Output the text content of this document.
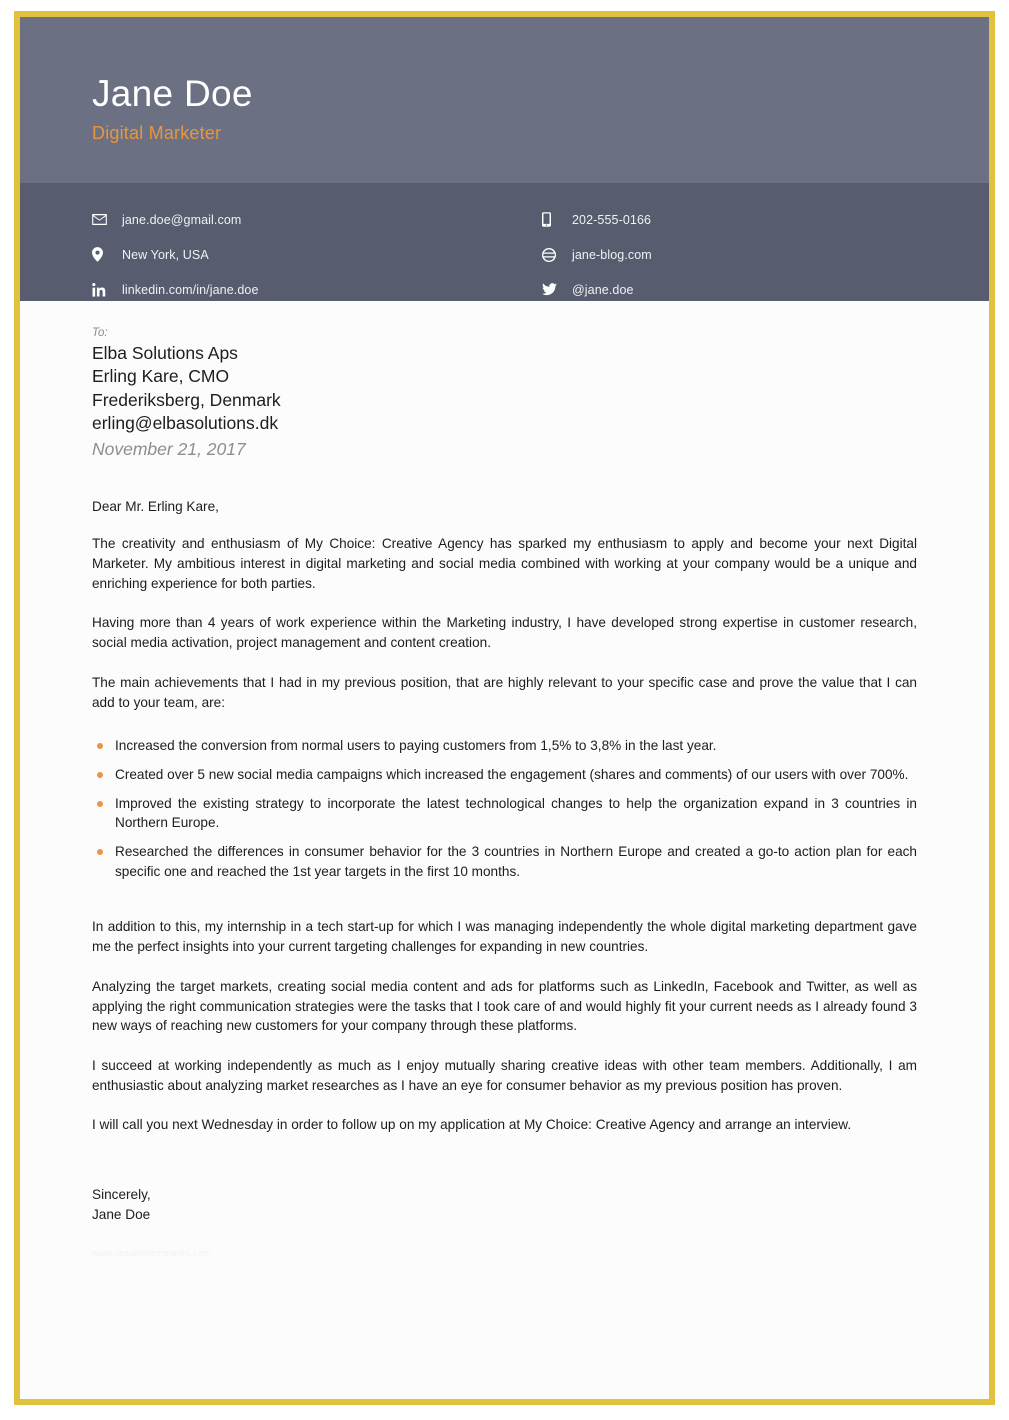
Jane Doe
Digital Marketer
jane.doe@gmail.com
New York, USA
linkedin.com/in/jane.doe
202-555-0166
jane-blog.com
@jane.doe
To:
Elba Solutions Aps
Erling Kare, CMO
Frederiksberg, Denmark
erling@elbasolutions.dk
November 21, 2017
Dear Mr. Erling Kare,

The creativity and enthusiasm of My Choice: Creative Agency has sparked my enthusiasm to apply and become your next Digital Marketer. My ambitious interest in digital marketing and social media combined with working at your company would be a unique and enriching experience for both parties.

Having more than 4 years of work experience within the Marketing industry, I have developed strong expertise in customer research, social media activation, project management and content creation.

The main achievements that I had in my previous position, that are highly relevant to your specific case and prove the value that I can add to your team, are:

Increased the conversion from normal users to paying customers from 1,5% to 3,8% in the last year.
Created over 5 new social media campaigns which increased the engagement (shares and comments) of our users with over 700%.
Improved the existing strategy to incorporate the latest technological changes to help the organization expand in 3 countries in Northern Europe.
Researched the differences in consumer behavior for the 3 countries in Northern Europe and created a go-to action plan for each specific one and reached the 1st year targets in the first 10 months.

In addition to this, my internship in a tech start-up for which I was managing independently the whole digital marketing department gave me the perfect insights into your current targeting challenges for expanding in new countries.

Analyzing the target markets, creating social media content and ads for platforms such as LinkedIn, Facebook and Twitter, as well as applying the right communication strategies were the tasks that I took care of and would highly fit your current needs as I already found 3 new ways of reaching new customers for your company through these platforms.

I succeed at working independently as much as I enjoy mutually sharing creative ideas with other team members. Additionally, I am enthusiastic about analyzing market researches as I have an eye for consumer behavior as my previous position has proven.

I will call you next Wednesday in order to follow up on my application at My Choice: Creative Agency and arrange an interview.

Sincerely,
Jane Doe
www.resumetemplates.com
